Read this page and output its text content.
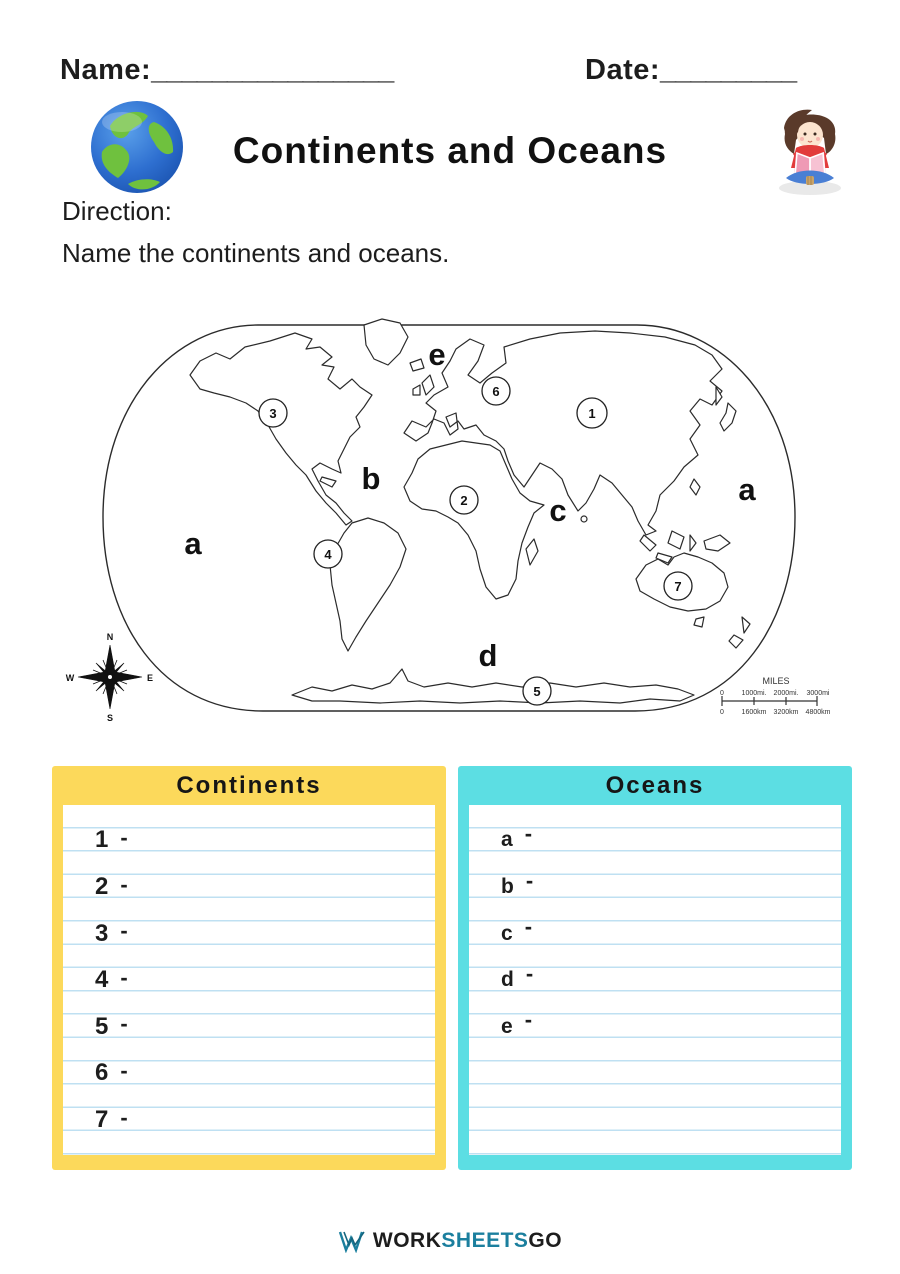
Name:________________	Date:_________
Continents and Oceans
Direction:
Name the continents and oceans.
3
6
1
2
4
7
5
e
b
c
a
a
d
N
S
W	E	MILES
0	1000mi. 2000mi. 3000mi
0	1600km 3200km 4800km
Continents
1 -
2 -
3 -
4 -
5 -
6 -
7 -
Oceans
a -
b -
c -
d -
e -
WORKSHEETSGO
